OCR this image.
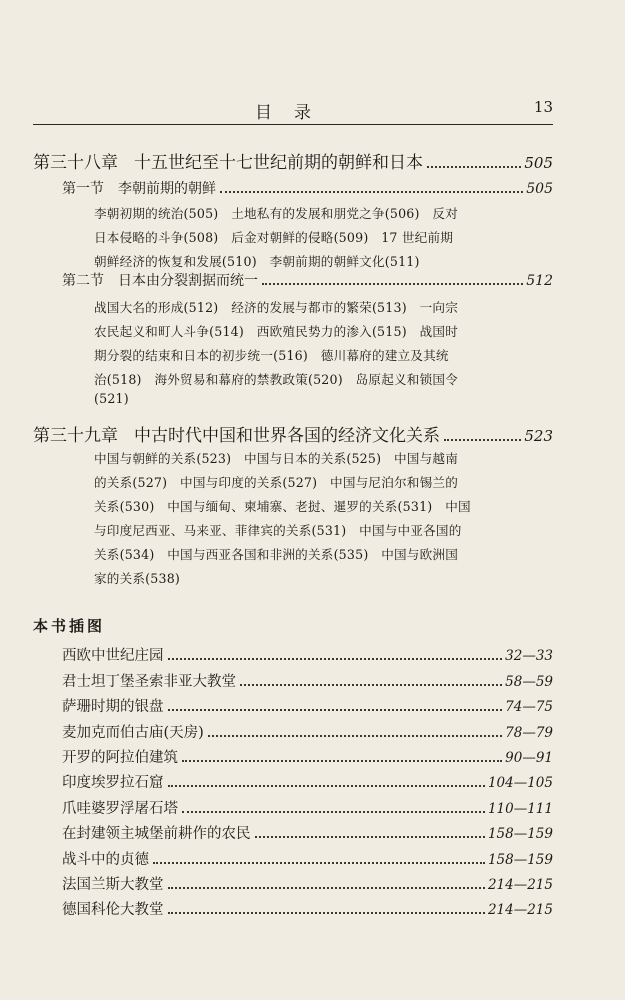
目录	13
第三十八章 十五世纪至十七世纪前期的朝鲜和日本	505
第一节 李朝前期的朝鲜	505
李朝初期的统治(505)　土地私有的发展和朋党之争(506)　反对
日本侵略的斗争(508)　后金对朝鲜的侵略(509)　17 世纪前期
朝鲜经济的恢复和发展(510)　李朝前期的朝鲜文化(511)
第二节 日本由分裂割据而统一	512
战国大名的形成(512)　经济的发展与都市的繁荣(513)　一向宗
农民起义和町人斗争(514)　西欧殖民势力的渗入(515)　战国时
期分裂的结束和日本的初步统一(516)　德川幕府的建立及其统
治(518)　海外贸易和幕府的禁教政策(520)　岛原起义和锁国令
(521)
第三十九章 中古时代中国和世界各国的经济文化关系	523
中国与朝鲜的关系(523)　中国与日本的关系(525)　中国与越南
的关系(527)　中国与印度的关系(527)　中国与尼泊尔和锡兰的
关系(530)　中国与缅甸、柬埔寨、老挝、暹罗的关系(531)　中国
与印度尼西亚、马来亚、菲律宾的关系(531)　中国与中亚各国的
关系(534)　中国与西亚各国和非洲的关系(535)　中国与欧洲国
家的关系(538)
本书插图
西欧中世纪庄园	32—33
君士坦丁堡圣索非亚大教堂	58—59
萨珊时期的银盘	74—75
麦加克而伯古庙(天房)	78—79
开罗的阿拉伯建筑	90—91
印度埃罗拉石窟	104—105
爪哇婆罗浮屠石塔	110—111
在封建领主城堡前耕作的农民	158—159
战斗中的贞德	158—159
法国兰斯大教堂	214—215
德国科伦大教堂	214—215
